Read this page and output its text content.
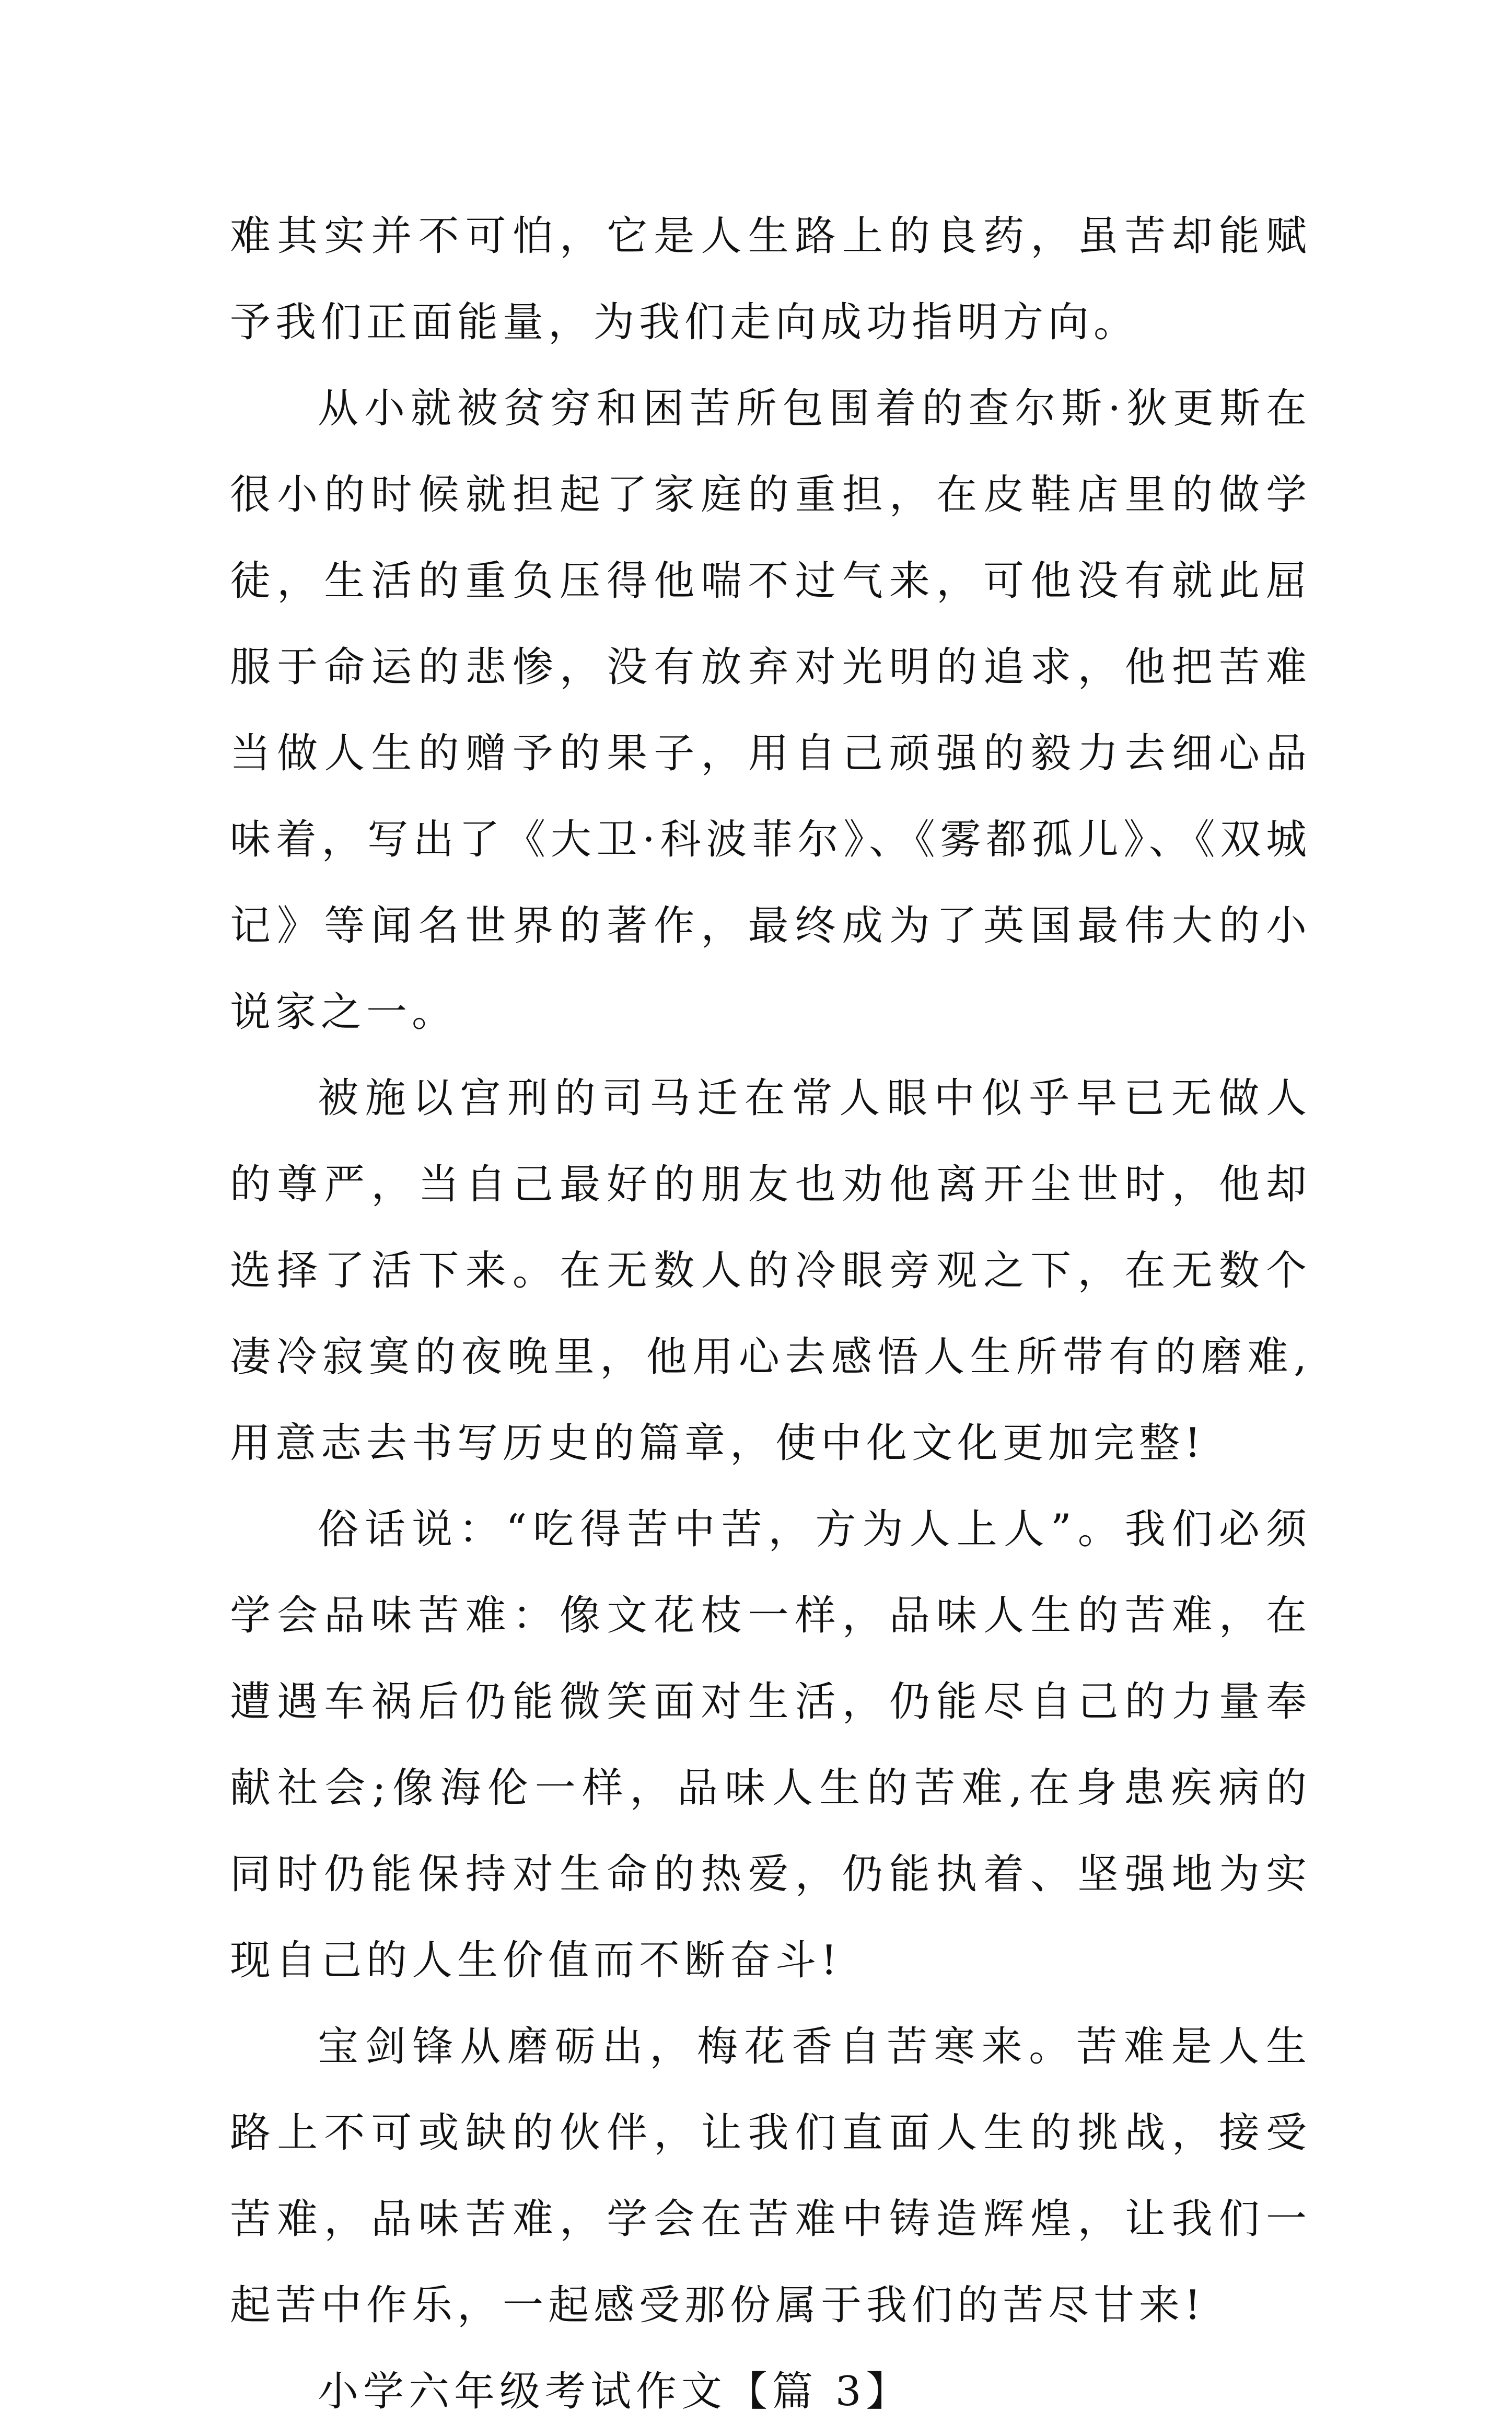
难其实并不可怕，它是人生路上的良药，虽苦却能赋予我们正面能量，为我们走向成功指明方向。

从小就被贫穷和困苦所包围着的查尔斯·狄更斯在很小的时候就担起了家庭的重担，在皮鞋店里的做学徒，生活的重负压得他喘不过气来，可他没有就此屈服于命运的悲惨，没有放弃对光明的追求，他把苦难当做人生的赠予的果子，用自己顽强的毅力去细心品味着，写出了《大卫·科波菲尔》、《雾都孤儿》、《双城记》等闻名世界的著作，最终成为了英国最伟大的小说家之一。

被施以宫刑的司马迁在常人眼中似乎早已无做人的尊严，当自己最好的朋友也劝他离开尘世时，他却选择了活下来。在无数人的冷眼旁观之下，在无数个凄冷寂寞的夜晚里，他用心去感悟人生所带有的磨难,用意志去书写历史的篇章，使中化文化更加完整!

俗话说：“吃得苦中苦，方为人上人”。我们必须学会品味苦难：像文花枝一样，品味人生的苦难，在遭遇车祸后仍能微笑面对生活，仍能尽自己的力量奉献社会;像海伦一样，品味人生的苦难,在身患疾病的同时仍能保持对生命的热爱，仍能执着、坚强地为实现自己的人生价值而不断奋斗!

宝剑锋从磨砺出，梅花香自苦寒来。苦难是人生路上不可或缺的伙伴，让我们直面人生的挑战，接受苦难，品味苦难，学会在苦难中铸造辉煌，让我们一起苦中作乐，一起感受那份属于我们的苦尽甘来!

小学六年级考试作文【篇 3】
